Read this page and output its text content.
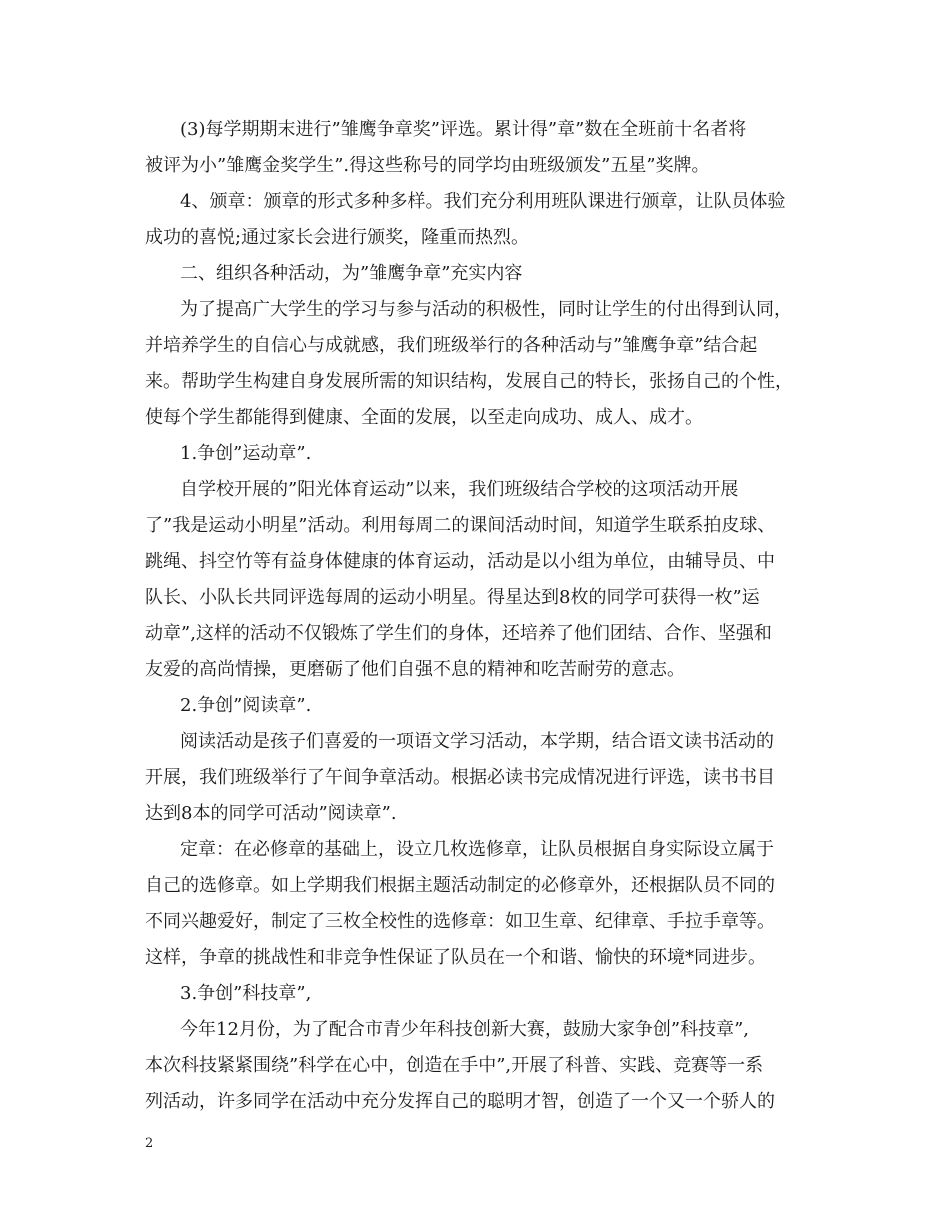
(3)每学期期末进行”雏鹰争章奖”评选。累计得”章”数在全班前十名者将
被评为小”雏鹰金奖学生”.得这些称号的同学均由班级颁发”五星”奖牌。
4、颁章：颁章的形式多种多样。我们充分利用班队课进行颁章，让队员体验
成功的喜悦;通过家长会进行颁奖，隆重而热烈。
二、组织各种活动，为”雏鹰争章”充实内容
为了提高广大学生的学习与参与活动的积极性，同时让学生的付出得到认同，
并培养学生的自信心与成就感，我们班级举行的各种活动与”雏鹰争章”结合起
来。帮助学生构建自身发展所需的知识结构，发展自己的特长，张扬自己的个性，
使每个学生都能得到健康、全面的发展，以至走向成功、成人、成才。
1.争创”运动章”.
自学校开展的”阳光体育运动”以来，我们班级结合学校的这项活动开展
了”我是运动小明星”活动。利用每周二的课间活动时间，知道学生联系拍皮球、
跳绳、抖空竹等有益身体健康的体育运动，活动是以小组为单位，由辅导员、中
队长、小队长共同评选每周的运动小明星。得星达到8枚的同学可获得一枚”运
动章”,这样的活动不仅锻炼了学生们的身体，还培养了他们团结、合作、坚强和
友爱的高尚情操，更磨砺了他们自强不息的精神和吃苦耐劳的意志。
2.争创”阅读章”.
阅读活动是孩子们喜爱的一项语文学习活动，本学期，结合语文读书活动的
开展，我们班级举行了午间争章活动。根据必读书完成情况进行评选，读书书目
达到8本的同学可活动”阅读章”.
定章：在必修章的基础上，设立几枚选修章，让队员根据自身实际设立属于
自己的选修章。如上学期我们根据主题活动制定的必修章外，还根据队员不同的
不同兴趣爱好，制定了三枚全校性的选修章：如卫生章、纪律章、手拉手章等。
这样，争章的挑战性和非竞争性保证了队员在一个和谐、愉快的环境*同进步。
3.争创”科技章”,
今年12月份，为了配合市青少年科技创新大赛，鼓励大家争创”科技章”,
本次科技紧紧围绕”科学在心中，创造在手中”,开展了科普、实践、竞赛等一系
列活动，许多同学在活动中充分发挥自己的聪明才智，创造了一个又一个骄人的
2
